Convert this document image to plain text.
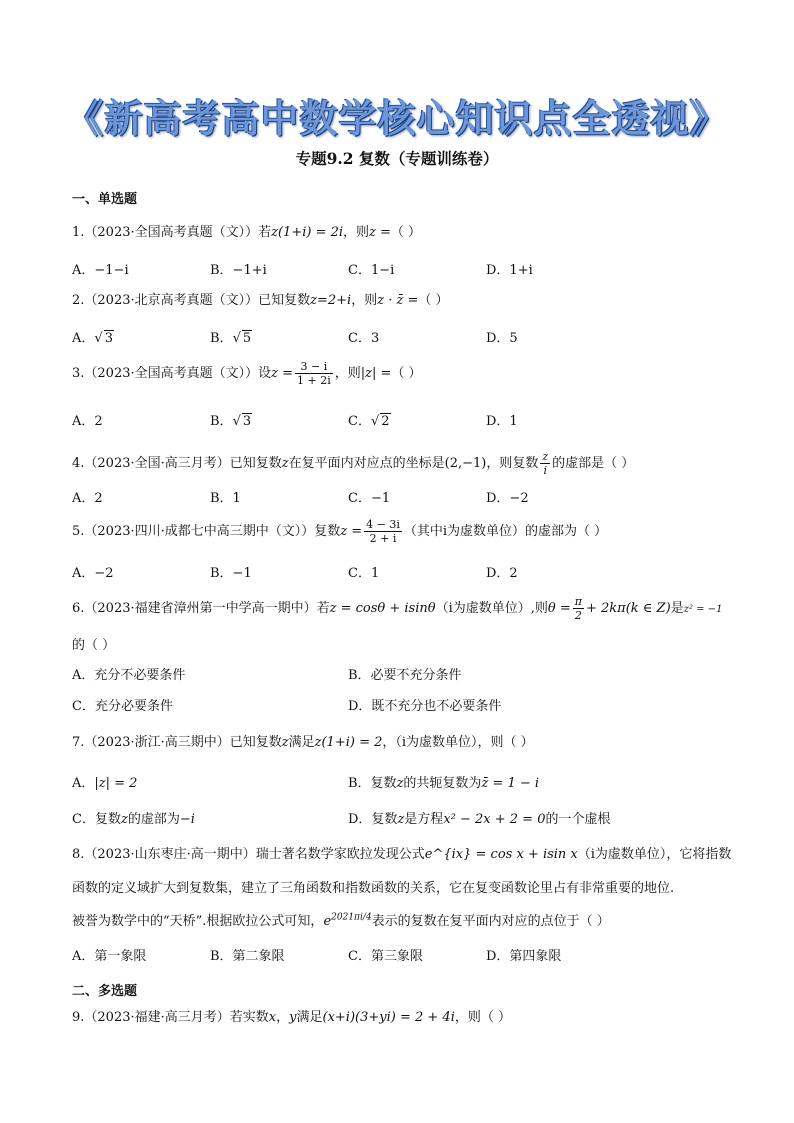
《新高考高中数学核心知识点全透视》
专题9.2 复数（专题训练卷）
一、单选题
1.（2023·全国高考真题（文））若z(1+i) = 2i，则z =（ ）
A．−1−i	B．−1+i	C．1−i	D．1+i
2.（2023·北京高考真题（文））已知复数z=2+i，则z · z̄ =（ ）
A．√ 3	B．√ 5	C．3	D．5
3.（2023·全国高考真题（文））设$z = \frac{3 - i}{1 + 2i}$ ，则|z| =（ ）
A．2	B．√ 3	C．√ 2	D．1
4.（2023·全国·高三月考）已知复数z在复平面内对应点的坐标是(2,−1)，则复数 $\frac{z}{i}$ 的虚部是（ ）
A．2	B．1	C．−1	D．−2
5.（2023·四川·成都七中高三期中（文））复数$z = \frac{4 - 3i}{2 + i}$ （其中i为虚数单位）的虚部为（ ）
A．−2	B．−1	C．1	D．2
6.（2023·福建省漳州第一中学高一期中）若z = cosθ + isinθ（i为虚数单位）,则$\theta = \frac{\pi}{2} + 2k\pi(k$ ∈ Z)是z² = −1
的（ ）
A．充分不必要条件	B．必要不充分条件
C．充分必要条件	D．既不充分也不必要条件
7.（2023·浙江·高三期中）已知复数z满足z(1+i) = 2，（i为虚数单位），则（ ）
A．|z| = 2	B．复数z的共轭复数为z̄ = 1 − i
C．复数z的虚部为−i	D．复数z是方程x² − 2x + 2 = 0的一个虚根
8.（2023·山东枣庄·高一期中）瑞士著名数学家欧拉发现公式e^{ix} = cos x + isin x（i为虚数单位），它将指数
函数的定义域扩大到复数集，建立了三角函数和指数函数的关系，它在复变函数论里占有非常重要的地位.
被誉为数学中的“天桥”.根据欧拉公式可知，$e^{2021\pi i/4}$表示的复数在复平面内对应的点位于（ ）
A．第一象限	B．第二象限	C．第三象限	D．第四象限
二、多选题
9.（2023·福建·高三月考）若实数x，y满足(x+i)(3+yi) = 2 + 4i，则（ ）
